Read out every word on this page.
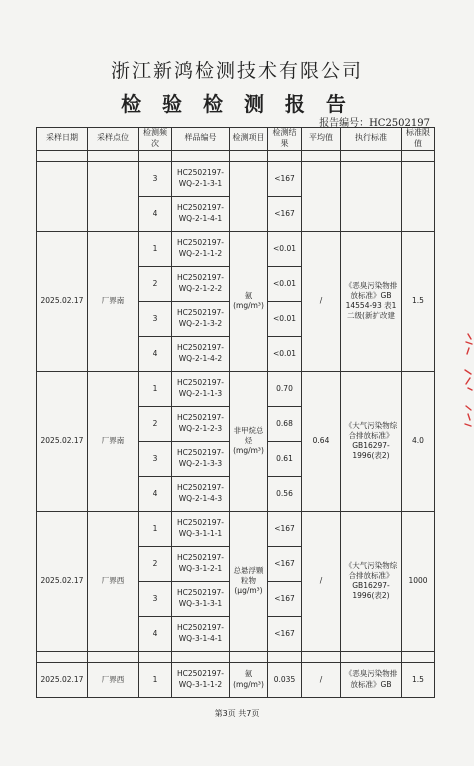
浙江新鸿检测技术有限公司
检 验 检 测 报 告
报告编号：HC2502197
采样日期	采样点位	检测频次	样品编号	检测项目	检测结果	平均值	执行标准	标准限值

		3	HC2502197-WQ-2-1-3-1		<167			
		4	HC2502197-WQ-2-1-4-1		<167			
2025.02.17	厂界南	1	HC2502197-WQ-2-1-1-2	氨(mg/m³)	<0.01	/	《恶臭污染物排放标准》GB 14554-93 表1二级(新扩改建	1.5
		2	HC2502197-WQ-2-1-2-2		<0.01			
		3	HC2502197-WQ-2-1-3-2		<0.01			
		4	HC2502197-WQ-2-1-4-2		<0.01			
2025.02.17	厂界南	1	HC2502197-WQ-2-1-1-3	非甲烷总烃(mg/m³)	0.70	0.64	《大气污染物综合排放标准》GB16297-1996(表2)	4.0
		2	HC2502197-WQ-2-1-2-3		0.68			
		3	HC2502197-WQ-2-1-3-3		0.61			
		4	HC2502197-WQ-2-1-4-3		0.56			
2025.02.17	厂界西	1	HC2502197-WQ-3-1-1-1	总悬浮颗粒物(μg/m³)	<167	/	《大气污染物综合排放标准》GB16297-1996(表2)	1000
		2	HC2502197-WQ-3-1-2-1		<167			
		3	HC2502197-WQ-3-1-3-1		<167			
		4	HC2502197-WQ-3-1-4-1		<167			

2025.02.17	厂界西	1	HC2502197-WQ-3-1-1-2	氨(mg/m³)	0.035	/	《恶臭污染物排放标准》GB	1.5
第3页 共7页
